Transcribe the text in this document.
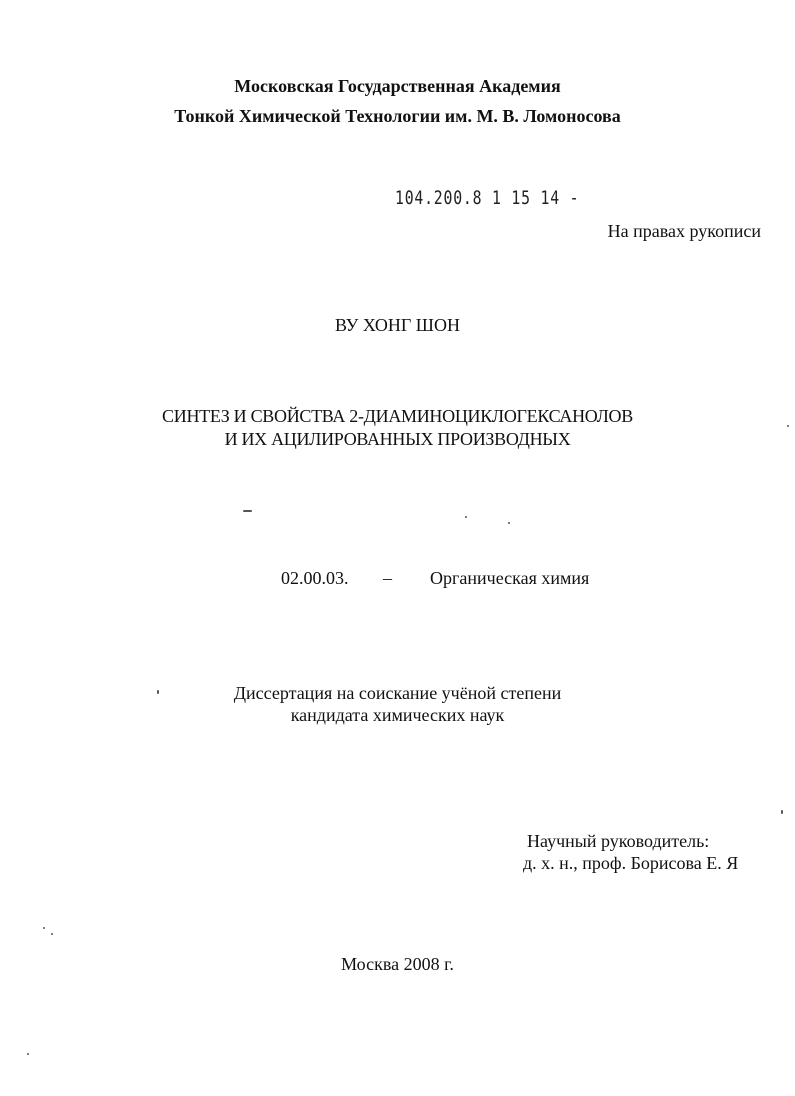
Московская Государственная Академия
Тонкой Химической Технологии им. М. В. Ломоносова
104.200.8 1 15 14 -
На правах рукописи
ВУ ХОНГ ШОН
СИНТЕЗ И СВОЙСТВА 2-ДИАМИНОЦИКЛОГЕКСАНОЛОВ
И ИХ АЦИЛИРОВАННЫХ ПРОИЗВОДНЫХ
02.00.03. – Органическая химия
Диссертация на соискание учёной степени
кандидата химических наук
Научный руководитель:
д. х. н., проф. Борисова Е. Я
Москва 2008 г.
